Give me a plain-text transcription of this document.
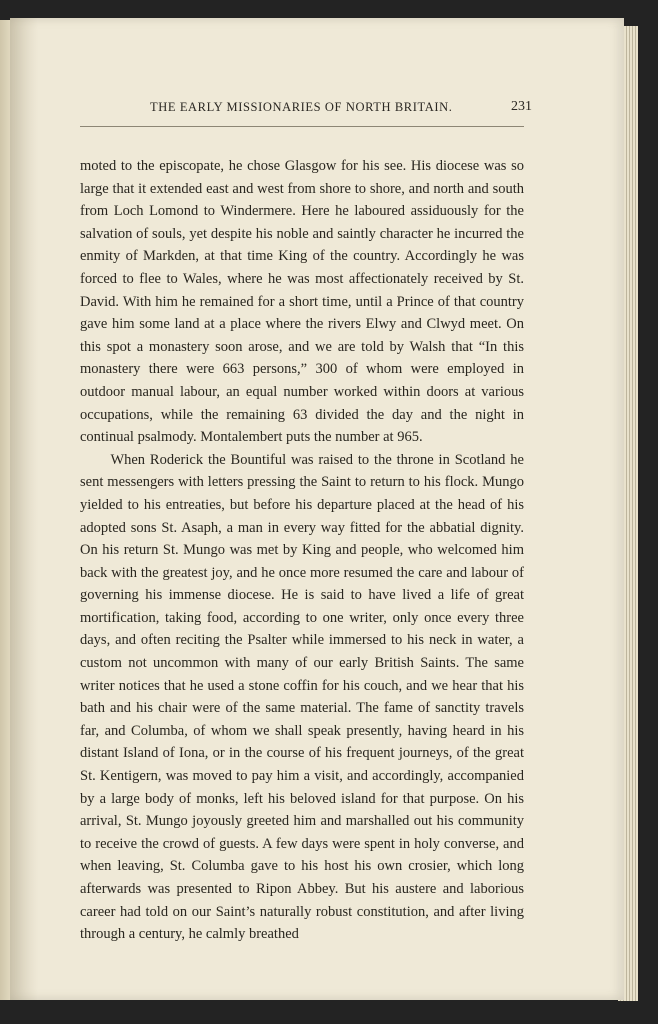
THE EARLY MISSIONARIES OF NORTH BRITAIN.	231

moted to the episcopate, he chose Glasgow for his see. His diocese was so large that it extended east and west from shore to shore, and north and south from Loch Lomond to Windermere. Here he laboured assiduously for the salvation of souls, yet despite his noble and saintly character he incurred the enmity of Markden, at that time King of the country. Accordingly he was forced to flee to Wales, where he was most affectionately received by St. David. With him he remained for a short time, until a Prince of that country gave him some land at a place where the rivers Elwy and Clwyd meet. On this spot a monastery soon arose, and we are told by Walsh that “In this monastery there were 663 persons,” 300 of whom were employed in outdoor manual labour, an equal number worked within doors at various occupations, while the remaining 63 divided the day and the night in continual psalmody. Montalembert puts the number at 965.

When Roderick the Bountiful was raised to the throne in Scotland he sent messengers with letters pressing the Saint to return to his flock. Mungo yielded to his entreaties, but before his departure placed at the head of his adopted sons St. Asaph, a man in every way fitted for the abbatial dignity. On his return St. Mungo was met by King and people, who welcomed him back with the greatest joy, and he once more resumed the care and labour of governing his immense diocese. He is said to have lived a life of great mortification, taking food, according to one writer, only once every three days, and often reciting the Psalter while immersed to his neck in water, a custom not uncommon with many of our early British Saints. The same writer notices that he used a stone coffin for his couch, and we hear that his bath and his chair were of the same material. The fame of sanctity travels far, and Columba, of whom we shall speak presently, having heard in his distant Island of Iona, or in the course of his frequent journeys, of the great St. Kentigern, was moved to pay him a visit, and accordingly, accompanied by a large body of monks, left his beloved island for that purpose. On his arrival, St. Mungo joyously greeted him and marshalled out his community to receive the crowd of guests. A few days were spent in holy converse, and when leaving, St. Columba gave to his host his own crosier, which long afterwards was presented to Ripon Abbey. But his austere and laborious career had told on our Saint’s naturally robust constitution, and after living through a century, he calmly breathed
